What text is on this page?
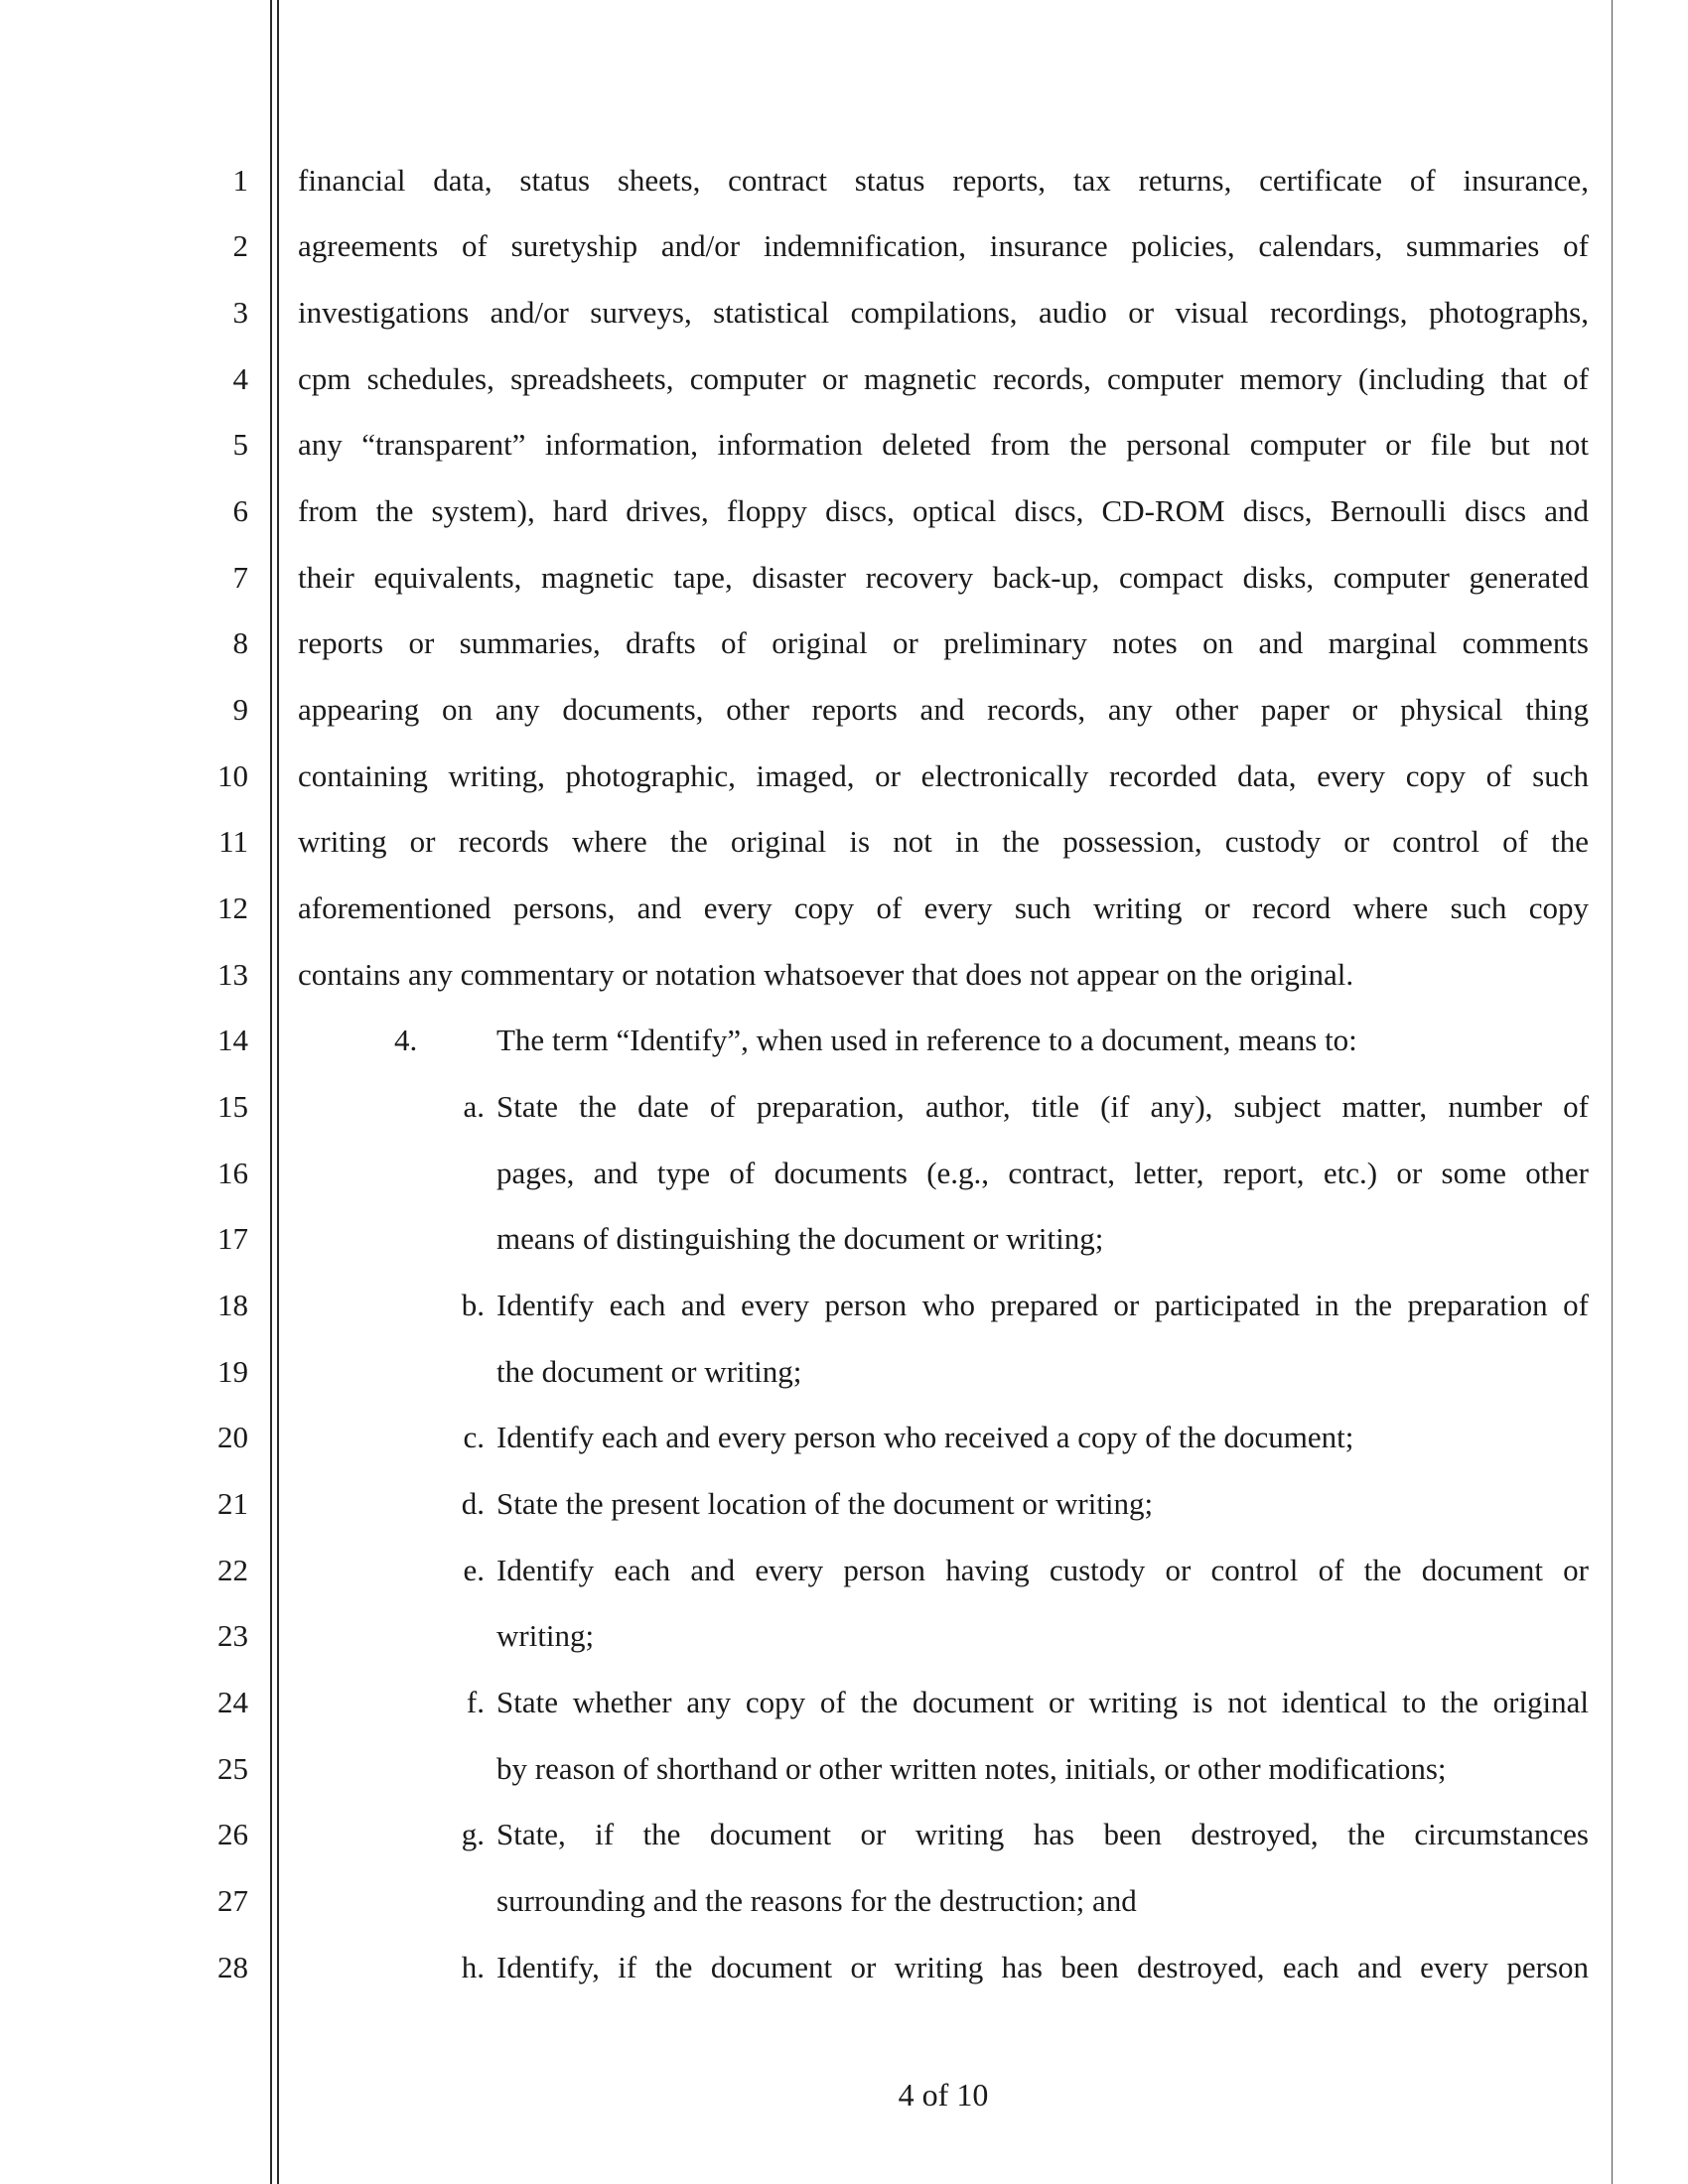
1
2
3
4
5
6
7
8
9
10
11
12
13
14
15
16
17
18
19
20
21
22
23
24
25
26
27
28
financial data, status sheets, contract status reports, tax returns, certificate of insurance,
agreements of suretyship and/or indemnification, insurance policies, calendars, summaries of
investigations and/or surveys, statistical compilations, audio or visual recordings, photographs,
cpm schedules, spreadsheets, computer or magnetic records, computer memory (including that of
any “transparent” information, information deleted from the personal computer or file but not
from the system), hard drives, floppy discs, optical discs, CD-ROM discs, Bernoulli discs and
their equivalents, magnetic tape, disaster recovery back-up, compact disks, computer generated
reports or summaries, drafts of original or preliminary notes on and marginal comments
appearing on any documents, other reports and records, any other paper or physical thing
containing writing, photographic, imaged, or electronically recorded data, every copy of such
writing or records where the original is not in the possession, custody or control of the
aforementioned persons, and every copy of every such writing or record where such copy
contains any commentary or notation whatsoever that does not appear on the original.
4.	The term “Identify”, when used in reference to a document, means to:
a. State the date of preparation, author, title (if any), subject matter, number of
pages, and type of documents (e.g., contract, letter, report, etc.) or some other
means of distinguishing the document or writing;
b. Identify each and every person who prepared or participated in the preparation of
the document or writing;
c. Identify each and every person who received a copy of the document;
d. State the present location of the document or writing;
e. Identify each and every person having custody or control of the document or
writing;
f. State whether any copy of the document or writing is not identical to the original
by reason of shorthand or other written notes, initials, or other modifications;
g. State, if the document or writing has been destroyed, the circumstances
surrounding and the reasons for the destruction; and
h. Identify, if the document or writing has been destroyed, each and every person
4 of 10
